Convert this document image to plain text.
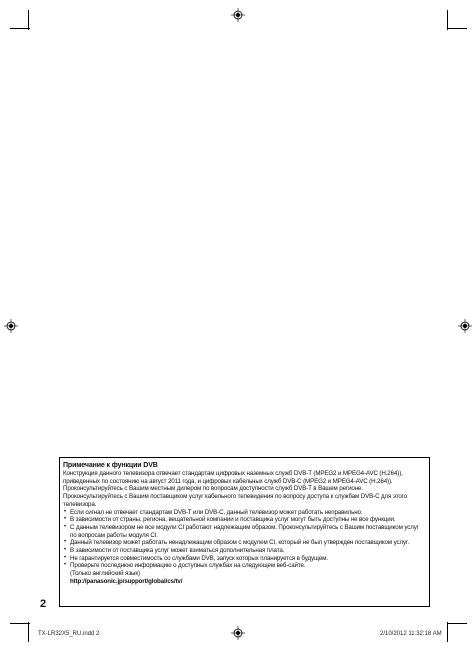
Примечание к функции DVB

Конструкция данного телевизора отвечает стандартам цифровых наземных служб DVB-T (MPEG2 и MPEG4-AVC (H.264)), приведенных по состоянию на август 2011 года, и цифровых кабельных служб DVB-C (MPEG2 и MPEG4-AVC (H.264)).

Проконсультируйтесь с Вашим местным дилером по вопросам доступности служб DVB-T в Вашем регионе.

Проконсультируйтесь с Вашим поставщиком услуг кабельного телевидения по вопросу доступа к службам DVB-C для этого телевизора.

• Если сигнал не отвечает стандартам DVB-T или DVB-C, данный телевизор может работать неправильно.
• В зависимости от страны, региона, вещательной компании и поставщика услуг могут быть доступны не все функции.
• С данным телевизором не все модули CI работают надлежащим образом. Проконсультируйтесь с Вашим поставщиком услуг по вопросам работы модуля CI.
• Данный телевизор может работать ненадлежащим образом с модулем CI, который не был утвержден поставщиком услуг.
• В зависимости от поставщика услуг может взиматься дополнительная плата.
• Не гарантируется совместимость со службами DVB, запуск которых планируется в будущем.
• Проверьте последнюю информацию о доступных службах на следующем веб-сайте.
(Только английский язык)
http://panasonic.jp/support/global/cs/tv/
2
TX-LR32X5_RU.indd 2	2/10/2012 11:32:18 AM
